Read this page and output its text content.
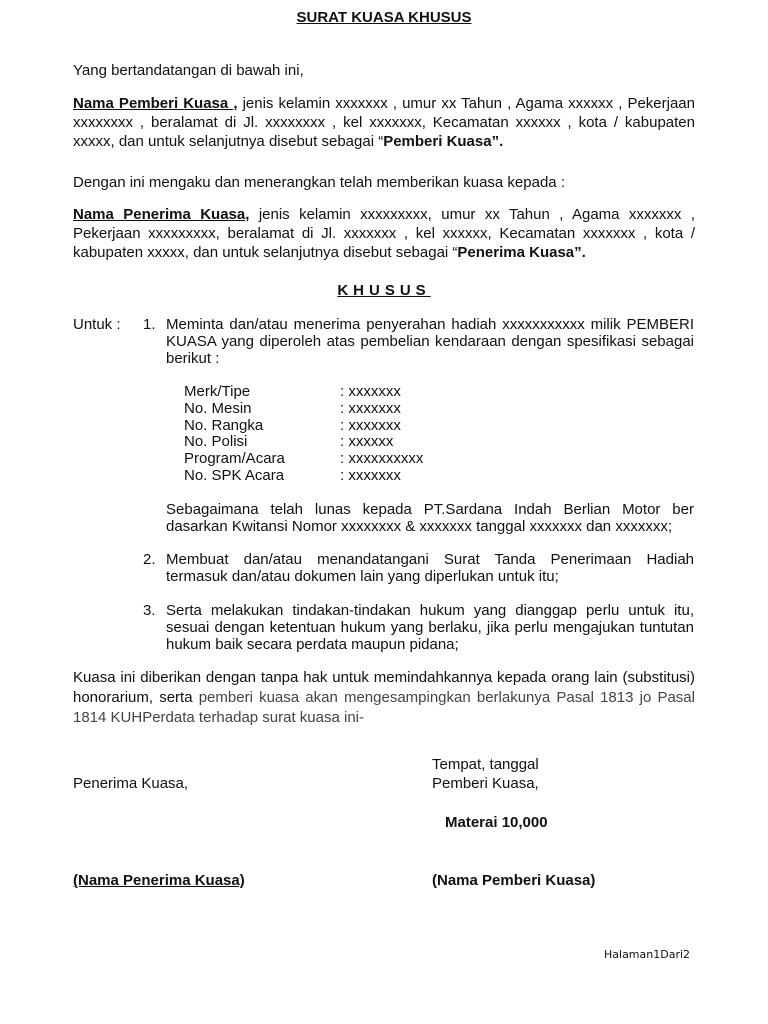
SURAT KUASA KHUSUS
Yang bertandatangan di bawah ini,
Nama Pemberi Kuasa , jenis kelamin xxxxxxx , umur xx Tahun , Agama xxxxxx , Pekerjaan xxxxxxxx , beralamat di Jl. xxxxxxxx , kel xxxxxxx, Kecamatan xxxxxx , kota / kabupaten xxxxx, dan untuk selanjutnya disebut sebagai “Pemberi Kuasa”.
Dengan ini mengaku dan menerangkan telah memberikan kuasa kepada :
Nama Penerima Kuasa, jenis kelamin xxxxxxxxx, umur xx Tahun , Agama xxxxxxx , Pekerjaan xxxxxxxxx, beralamat di Jl. xxxxxxx , kel xxxxxx, Kecamatan xxxxxxx , kota / kabupaten xxxxx, dan untuk selanjutnya disebut sebagai “Penerima Kuasa”.
KHUSUS
Untuk : 1. Meminta dan/atau menerima penyerahan hadiah xxxxxxxxxxx milik PEMBERI KUASA yang diperoleh atas pembelian kendaraan dengan spesifikasi sebagai berikut :
Merk/Tipe	: xxxxxxx
No. Mesin	: xxxxxxx
No. Rangka	: xxxxxxx
No. Polisi	: xxxxxx
Program/Acara	: xxxxxxxxxx
No. SPK Acara	: xxxxxxx
Sebagaimana telah lunas kepada PT.Sardana Indah Berlian Motor ber dasarkan Kwitansi Nomor xxxxxxxx & xxxxxxx tanggal xxxxxxx dan xxxxxxx;
2. Membuat dan/atau menandatangani Surat Tanda Penerimaan Hadiah termasuk dan/atau dokumen lain yang diperlukan untuk itu;
3. Serta melakukan tindakan-tindakan hukum yang dianggap perlu untuk itu, sesuai dengan ketentuan hukum yang berlaku, jika perlu mengajukan tuntutan hukum baik secara perdata maupun pidana;
Kuasa ini diberikan dengan tanpa hak untuk memindahkannya kepada orang lain (substitusi) honorarium, serta pemberi kuasa akan mengesampingkan berlakunya Pasal 1813 jo Pasal 1814 KUHPerdata terhadap surat kuasa ini-
Tempat, tanggal
Penerima Kuasa,	Pemberi Kuasa,
Materai 10,000
(Nama Penerima Kuasa)	(Nama Pemberi Kuasa)
Halaman1Dari2
